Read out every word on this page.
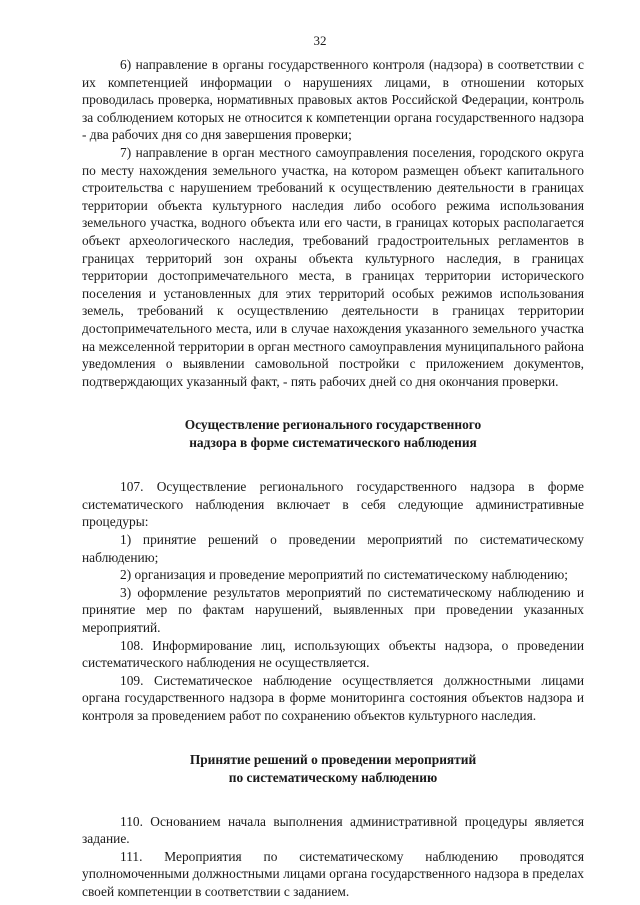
32

6) направление в органы государственного контроля (надзора) в соответствии с их компетенцией информации о нарушениях лицами, в отношении которых проводилась проверка, нормативных правовых актов Российской Федерации, контроль за соблюдением которых не относится к компетенции органа государственного надзора - два рабочих дня со дня завершения проверки;

7) направление в орган местного самоуправления поселения, городского округа по месту нахождения земельного участка, на котором размещен объект капитального строительства с нарушением требований к осуществлению деятельности в границах территории объекта культурного наследия либо особого режима использования земельного участка, водного объекта или его части, в границах которых располагается объект археологического наследия, требований градостроительных регламентов в границах территорий зон охраны объекта культурного наследия, в границах территории достопримечательного места, в границах территории исторического поселения и установленных для этих территорий особых режимов использования земель, требований к осуществлению деятельности в границах территории достопримечательного места, или в случае нахождения указанного земельного участка на межселенной территории в орган местного самоуправления муниципального района уведомления о выявлении самовольной постройки с приложением документов, подтверждающих указанный факт, - пять рабочих дней со дня окончания проверки.

Осуществление регионального государственного
надзора в форме систематического наблюдения

107. Осуществление регионального государственного надзора в форме систематического наблюдения включает в себя следующие административные процедуры:

1) принятие решений о проведении мероприятий по систематическому наблюдению;

2) организация и проведение мероприятий по систематическому наблюдению;

3) оформление результатов мероприятий по систематическому наблюдению и принятие мер по фактам нарушений, выявленных при проведении указанных мероприятий.

108. Информирование лиц, использующих объекты надзора, о проведении систематического наблюдения не осуществляется.

109. Систематическое наблюдение осуществляется должностными лицами органа государственного надзора в форме мониторинга состояния объектов надзора и контроля за проведением работ по сохранению объектов культурного наследия.

Принятие решений о проведении мероприятий
по систематическому наблюдению

110. Основанием начала выполнения административной процедуры является задание.

111. Мероприятия по систематическому наблюдению проводятся уполномоченными должностными лицами органа государственного надзора в пределах своей компетенции в соответствии с заданием.
